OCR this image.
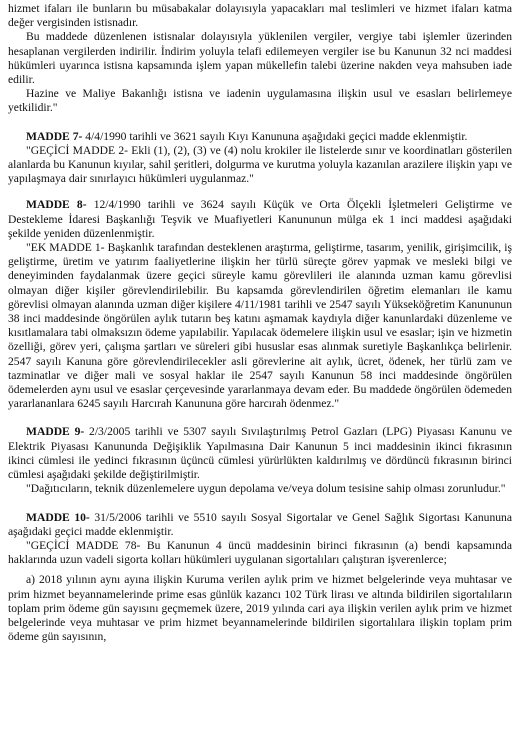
hizmet ifaları ile bunların bu müsabakalar dolayısıyla yapacakları mal teslimleri ve hizmet ifaları katma değer vergisinden istisnadır.

Bu maddede düzenlenen istisnalar dolayısıyla yüklenilen vergiler, vergiye tabi işlemler üzerinden hesaplanan vergilerden indirilir. İndirim yoluyla telafi edilemeyen vergiler ise bu Kanunun 32 nci maddesi hükümleri uyarınca istisna kapsamında işlem yapan mükellefin talebi üzerine nakden veya mahsuben iade edilir.

Hazine ve Maliye Bakanlığı istisna ve iadenin uygulamasına ilişkin usul ve esasları belirlemeye yetkilidir."

MADDE 7- 4/4/1990 tarihli ve 3621 sayılı Kıyı Kanununa aşağıdaki geçici madde eklenmiştir.

"GEÇİCİ MADDE 2- Ekli (1), (2), (3) ve (4) nolu krokiler ile listelerde sınır ve koordinatları gösterilen alanlarda bu Kanunun kıyılar, sahil şeritleri, dolgurma ve kurutma yoluyla kazanılan arazilere ilişkin yapı ve yapılaşmaya dair sınırlayıcı hükümleri uygulanmaz."

MADDE 8- 12/4/1990 tarihli ve 3624 sayılı Küçük ve Orta Ölçekli İşletmeleri Geliştirme ve Destekleme İdaresi Başkanlığı Teşvik ve Muafiyetleri Kanununun mülga ek 1 inci maddesi aşağıdaki şekilde yeniden düzenlenmiştir.

"EK MADDE 1- Başkanlık tarafından desteklenen araştırma, geliştirme, tasarım, yenilik, girişimcilik, iş geliştirme, üretim ve yatırım faaliyetlerine ilişkin her türlü süreçte görev yapmak ve mesleki bilgi ve deneyiminden faydalanmak üzere geçici süreyle kamu görevlileri ile alanında uzman kamu görevlisi olmayan diğer kişiler görevlendirilebilir. Bu kapsamda görevlendirilen öğretim elemanları ile kamu görevlisi olmayan alanında uzman diğer kişilere 4/11/1981 tarihli ve 2547 sayılı Yükseköğretim Kanununun 38 inci maddesinde öngörülen aylık tutarın beş katını aşmamak kaydıyla diğer kanunlardaki düzenleme ve kısıtlamalara tabi olmaksızın ödeme yapılabilir. Yapılacak ödemelere ilişkin usul ve esaslar; işin ve hizmetin özelliği, görev yeri, çalışma şartları ve süreleri gibi hususlar esas alınmak suretiyle Başkanlıkça belirlenir. 2547 sayılı Kanuna göre görevlendirilecekler asli görevlerine ait aylık, ücret, ödenek, her türlü zam ve tazminatlar ve diğer mali ve sosyal haklar ile 2547 sayılı Kanunun 58 inci maddesinde öngörülen ödemelerden aynı usul ve esaslar çerçevesinde yararlanmaya devam eder. Bu maddede öngörülen ödemeden yararlananlara 6245 sayılı Harcırah Kanununa göre harcırah ödenmez."

MADDE 9- 2/3/2005 tarihli ve 5307 sayılı Sıvılaştırılmış Petrol Gazları (LPG) Piyasası Kanunu ve Elektrik Piyasası Kanununda Değişiklik Yapılmasına Dair Kanunun 5 inci maddesinin ikinci fıkrasının ikinci cümlesi ile yedinci fıkrasının üçüncü cümlesi yürürlükten kaldırılmış ve dördüncü fıkrasının birinci cümlesi aşağıdaki şekilde değiştirilmiştir.

"Dağıtıcıların, teknik düzenlemelere uygun depolama ve/veya dolum tesisine sahip olması zorunludur."

MADDE 10- 31/5/2006 tarihli ve 5510 sayılı Sosyal Sigortalar ve Genel Sağlık Sigortası Kanununa aşağıdaki geçici madde eklenmiştir.

"GEÇİCİ MADDE 78- Bu Kanunun 4 üncü maddesinin birinci fıkrasının (a) bendi kapsamında haklarında uzun vadeli sigorta kolları hükümleri uygulanan sigortalıları çalıştıran işverenlerce;

a) 2018 yılının aynı ayına ilişkin Kuruma verilen aylık prim ve hizmet belgelerinde veya muhtasar ve prim hizmet beyannamelerinde prime esas günlük kazancı 102 Türk lirası ve altında bildirilen sigortalıların toplam prim ödeme gün sayısını geçmemek üzere, 2019 yılında cari aya ilişkin verilen aylık prim ve hizmet belgelerinde veya muhtasar ve prim hizmet beyannamelerinde bildirilen sigortalılara ilişkin toplam prim ödeme gün sayısının,
